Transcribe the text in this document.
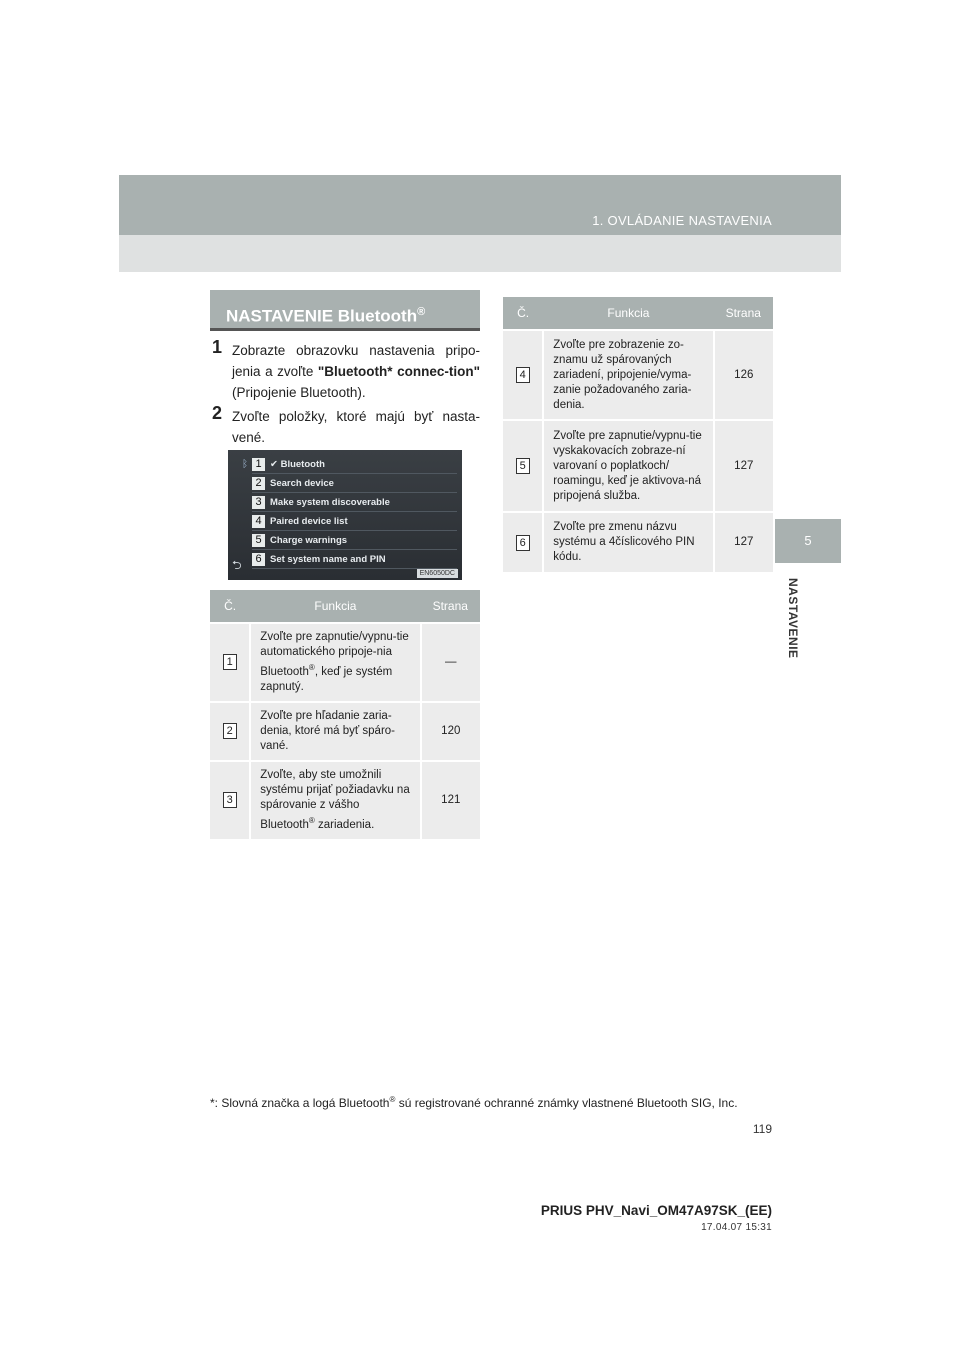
1. OVLÁDANIE NASTAVENIA
5
NASTAVENIE
NASTAVENIE Bluetooth®
1 Zobrazte obrazovku nastavenia pripo-jenia a zvoľte "Bluetooth* connec-tion" (Pripojenie Bluetooth).
2 Zvoľte položky, ktoré majú byť nasta-vené.
ᛒ 1 ✔ Bluetooth
2 Search device
3 Make system discoverable
4 Paired device list
5 Charge warnings
6 Set system name and PIN
⮌
EN6050DC
Č.	Funkcia	Strana
1	Zvoľte pre zapnutie/vypnu-tie automatického pripoje-nia Bluetooth®, keď je systém zapnutý.	—
2	Zvoľte pre hľadanie zaria-denia, ktoré má byť spáro-vané.	120
3	Zvoľte, aby ste umožnili systému prijať požiadavku na spárovanie z vášho Bluetooth® zariadenia.	121
Č.	Funkcia	Strana
4	Zvoľte pre zobrazenie zo-znamu už spárovaných zariadení, pripojenie/vyma-zanie požadovaného zaria-denia.	126
5	Zvoľte pre zapnutie/vypnu-tie vyskakovacích zobraze-ní varovaní o poplatkoch/ roamingu, keď je aktivova-ná pripojená služba.	127
6	Zvoľte pre zmenu názvu systému a 4číslicového PIN kódu.	127
*: Slovná značka a logá Bluetooth® sú registrované ochranné známky vlastnené Bluetooth SIG, Inc.
119
PRIUS PHV_Navi_OM47A97SK_(EE)
17.04.07 15:31
